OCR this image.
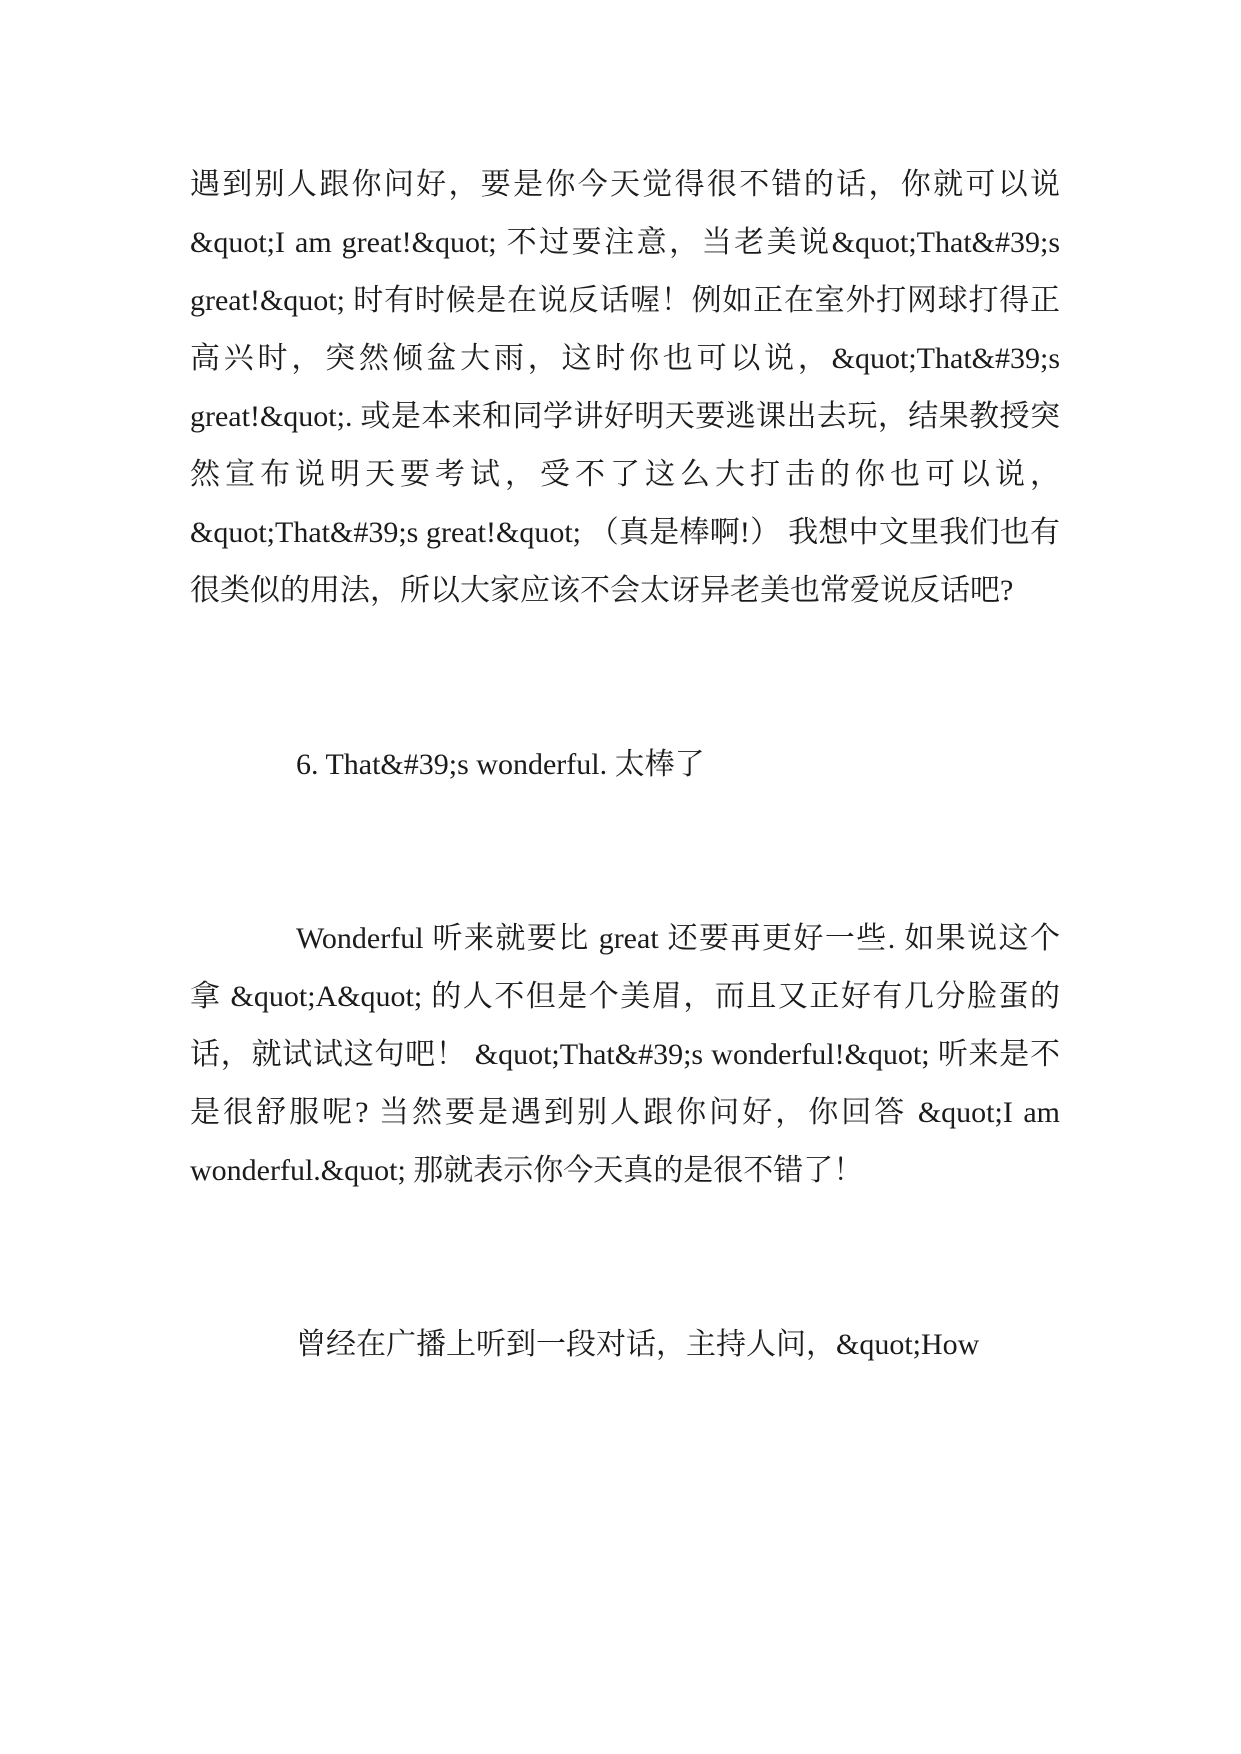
遇到别人跟你问好，要是你今天觉得很不错的话，你就可以说 &quot;I am great!&quot; 不过要注意，当老美说&quot;That&#39;s great!&quot; 时有时候是在说反话喔！例如正在室外打网球打得正高兴时，突然倾盆大雨，这时你也可以说，&quot;That&#39;s great!&quot;. 或是本来和同学讲好明天要逃课出去玩，结果教授突然宣布说明天要考试，受不了这么大打击的你也可以说，&quot;That&#39;s great!&quot; （真是棒啊!） 我想中文里我们也有很类似的用法，所以大家应该不会太讶异老美也常爱说反话吧?

6. That&#39;s wonderful. 太棒了

Wonderful 听来就要比 great 还要再更好一些. 如果说这个拿 &quot;A&quot; 的人不但是个美眉，而且又正好有几分脸蛋的话，就试试这句吧！ &quot;That&#39;s wonderful!&quot; 听来是不是很舒服呢? 当然要是遇到别人跟你问好，你回答 &quot;I am wonderful.&quot; 那就表示你今天真的是很不错了！

曾经在广播上听到一段对话，主持人问，&quot;How
